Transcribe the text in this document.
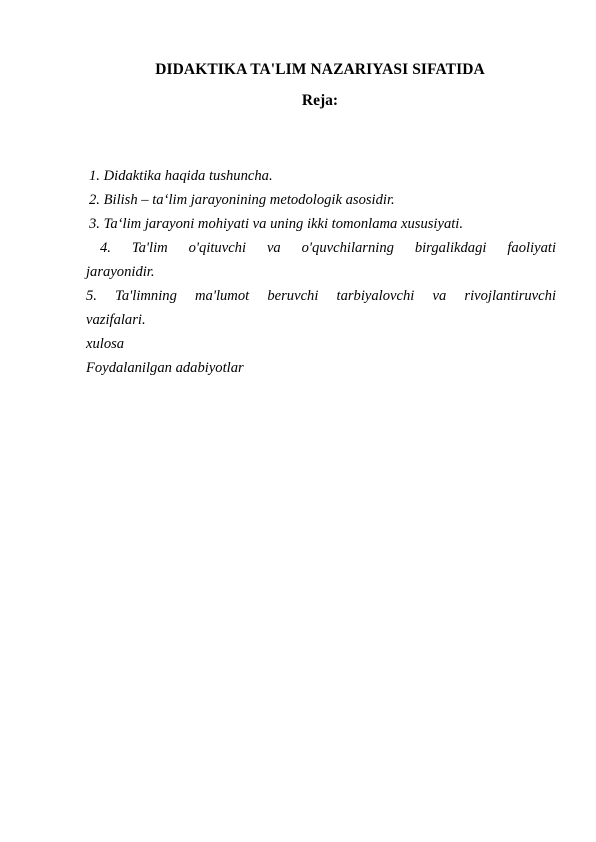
DIDAKTIKA TA'LIM NAZARIYASI SIFATIDA
Reja:
1. Didaktika haqida tushuncha.
2. Bilish – ta‘lim jarayonining metodologik asosidir.
3. Ta‘lim jarayoni mohiyati va uning ikki tomonlama xususiyati.
4. Ta'lim o'qituvchi va o'quvchilarning birgalikdagi faoliyati
jarayonidir.
5. Ta'limning ma'lumot beruvchi tarbiyalovchi va rivojlantiruvchi
vazifalari.
xulosa
Foydalanilgan adabiyotlar
